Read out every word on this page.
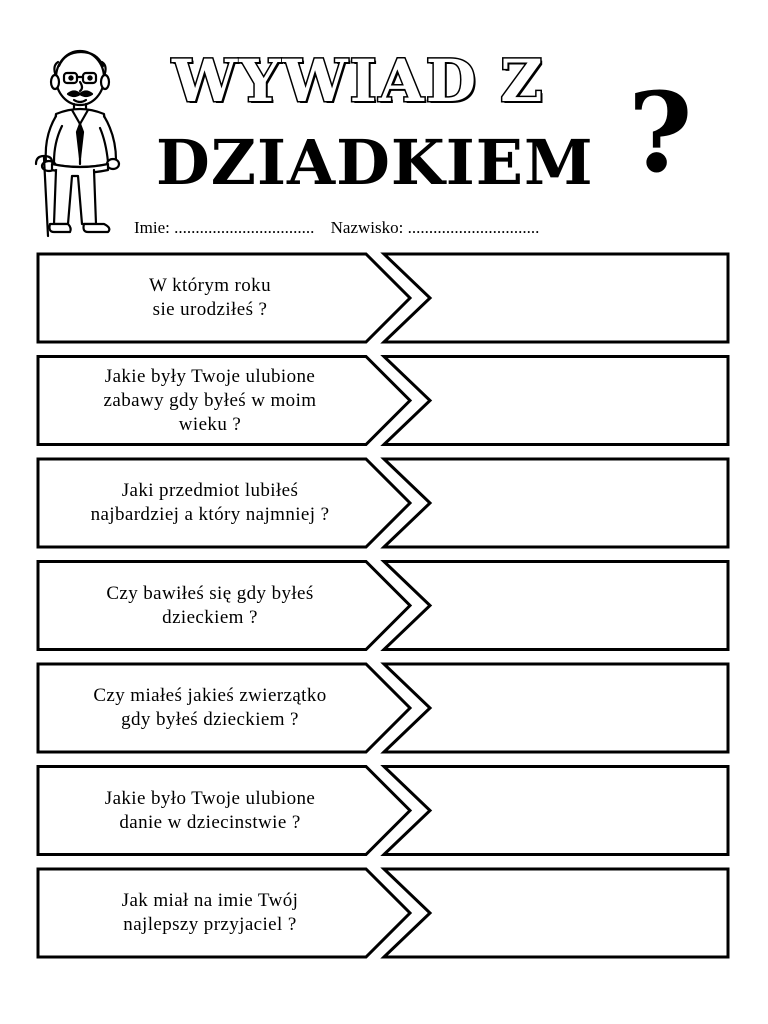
WYWIAD Z
DZIADKIEM ?
Imie: ................................. Nazwisko: ...............................
W którym roku
sie urodziłeś ?
Jakie były Twoje ulubione
zabawy gdy byłeś w moim
wieku ?
Jaki przedmiot lubiłeś
najbardziej a który najmniej ?
Czy bawiłeś się gdy byłeś
dzieckiem ?
Czy miałeś jakieś zwierzątko
gdy byłeś dzieckiem ?
Jakie było Twoje ulubione
danie w dziecinstwie ?
Jak miał na imie Twój
najlepszy przyjaciel ?
